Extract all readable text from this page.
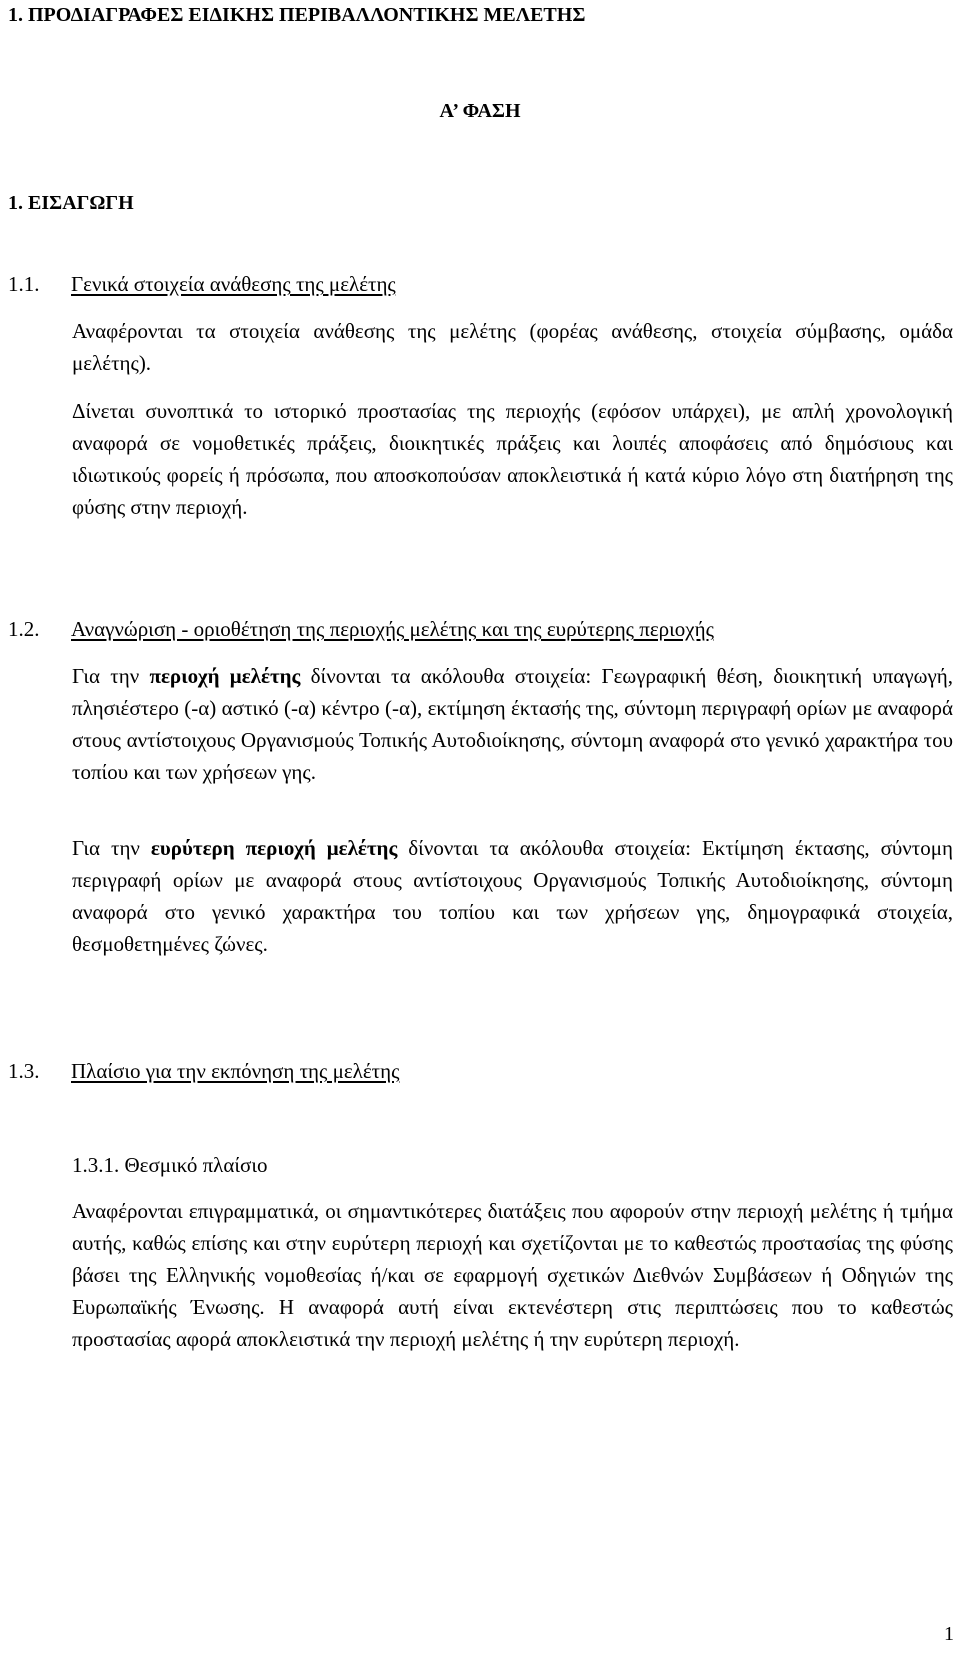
1. ΠΡΟΔΙΑΓΡΑΦΕΣ ΕΙΔΙΚΗΣ ΠΕΡΙΒΑΛΛΟΝΤΙΚΗΣ ΜΕΛΕΤΗΣ
Α’ ΦΑΣΗ
1. ΕΙΣΑΓΩΓΗ
1.1. Γενικά στοιχεία ανάθεσης της μελέτης

Αναφέρονται τα στοιχεία ανάθεσης της μελέτης (φορέας ανάθεσης, στοιχεία σύμβασης, ομάδα μελέτης).

Δίνεται συνοπτικά το ιστορικό προστασίας της περιοχής (εφόσον υπάρχει), με απλή χρονολογική αναφορά σε νομοθετικές πράξεις, διοικητικές πράξεις και λοιπές αποφάσεις από δημόσιους και ιδιωτικούς φορείς ή πρόσωπα, που αποσκοπούσαν αποκλειστικά ή κατά κύριο λόγο στη διατήρηση της φύσης στην περιοχή.

1.2. Αναγνώριση - οριοθέτηση της περιοχής μελέτης και της ευρύτερης περιοχής

Για την περιοχή μελέτης δίνονται τα ακόλουθα στοιχεία: Γεωγραφική θέση, διοικητική υπαγωγή, πλησιέστερο (-α) αστικό (-α) κέντρο (-α), εκτίμηση έκτασής της, σύντομη περιγραφή ορίων με αναφορά στους αντίστοιχους Οργανισμούς Τοπικής Αυτοδιοίκησης, σύντομη αναφορά στο γενικό χαρακτήρα του τοπίου και των χρήσεων γης.

Για την ευρύτερη περιοχή μελέτης δίνονται τα ακόλουθα στοιχεία: Εκτίμηση έκτασης, σύντομη περιγραφή ορίων με αναφορά στους αντίστοιχους Οργανισμούς Τοπικής Αυτοδιοίκησης, σύντομη αναφορά στο γενικό χαρακτήρα του τοπίου και των χρήσεων γης, δημογραφικά στοιχεία, θεσμοθετημένες ζώνες.

1.3. Πλαίσιο για την εκπόνηση της μελέτης
1.3.1. Θεσμικό πλαίσιο

Αναφέρονται επιγραμματικά, οι σημαντικότερες διατάξεις που αφορούν στην περιοχή μελέτης ή τμήμα αυτής, καθώς επίσης και στην ευρύτερη περιοχή και σχετίζονται με το καθεστώς προστασίας της φύσης βάσει της Ελληνικής νομοθεσίας ή/και σε εφαρμογή σχετικών Διεθνών Συμβάσεων ή Οδηγιών της Ευρωπαϊκής Ένωσης. Η αναφορά αυτή είναι εκτενέστερη στις περιπτώσεις που το καθεστώς προστασίας αφορά αποκλειστικά την περιοχή μελέτης ή την ευρύτερη περιοχή.

1
